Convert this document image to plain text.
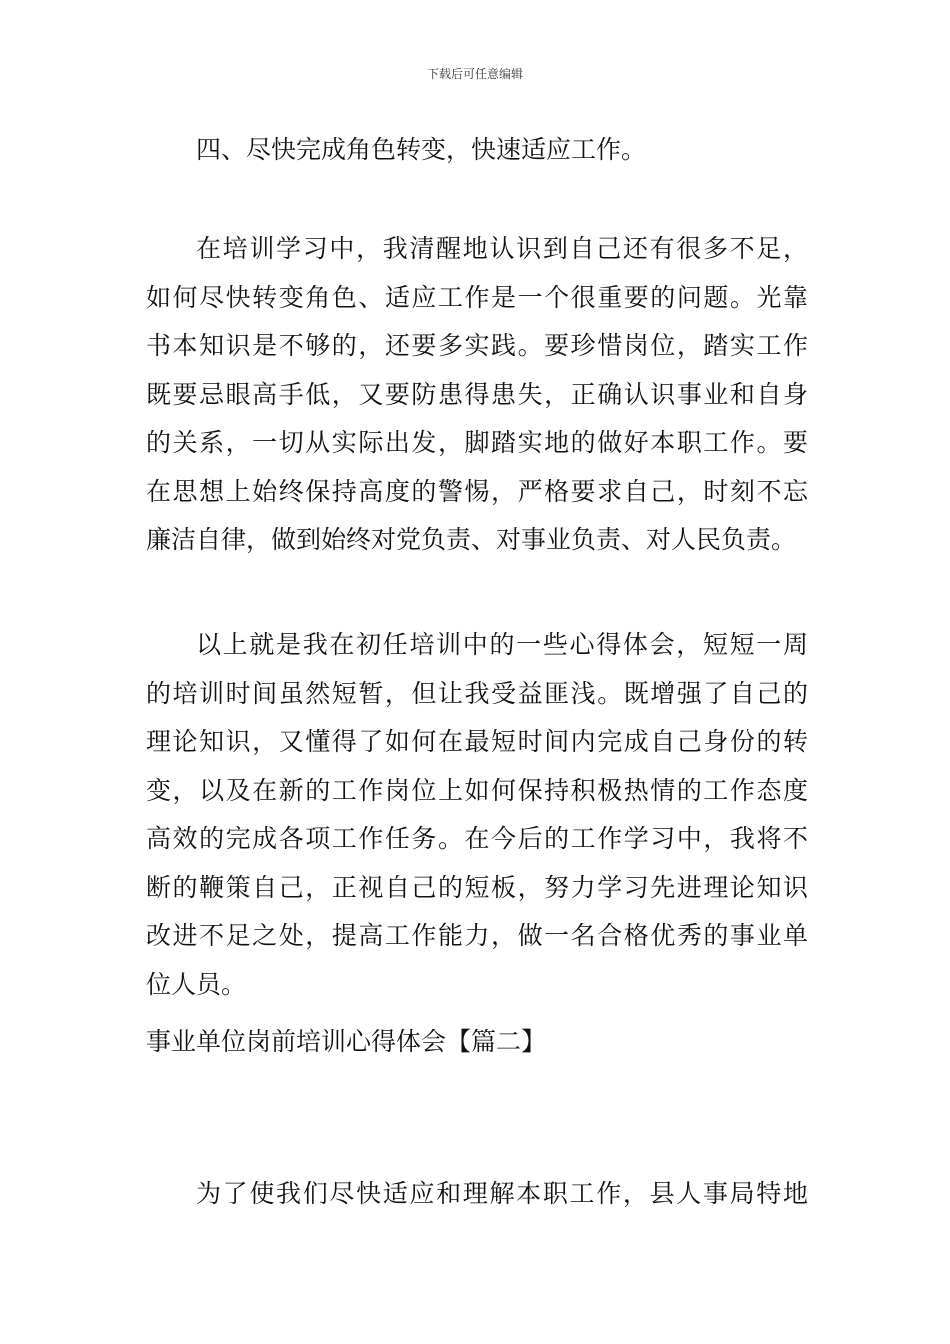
下载后可任意编辑
四、尽快完成角色转变，快速适应工作。
在培训学习中，我清醒地认识到自己还有很多不足，
如何尽快转变角色、适应工作是一个很重要的问题。光靠
书本知识是不够的，还要多实践。要珍惜岗位，踏实工作
既要忌眼高手低，又要防患得患失，正确认识事业和自身
的关系，一切从实际出发，脚踏实地的做好本职工作。要
在思想上始终保持高度的警惕，严格要求自己，时刻不忘
廉洁自律，做到始终对党负责、对事业负责、对人民负责。
以上就是我在初任培训中的一些心得体会，短短一周
的培训时间虽然短暂，但让我受益匪浅。既增强了自己的
理论知识，又懂得了如何在最短时间内完成自己身份的转
变，以及在新的工作岗位上如何保持积极热情的工作态度
高效的完成各项工作任务。在今后的工作学习中，我将不
断的鞭策自己，正视自己的短板，努力学习先进理论知识
改进不足之处，提高工作能力，做一名合格优秀的事业单
位人员。
事业单位岗前培训心得体会【篇二】
为了使我们尽快适应和理解本职工作，县人事局特地
